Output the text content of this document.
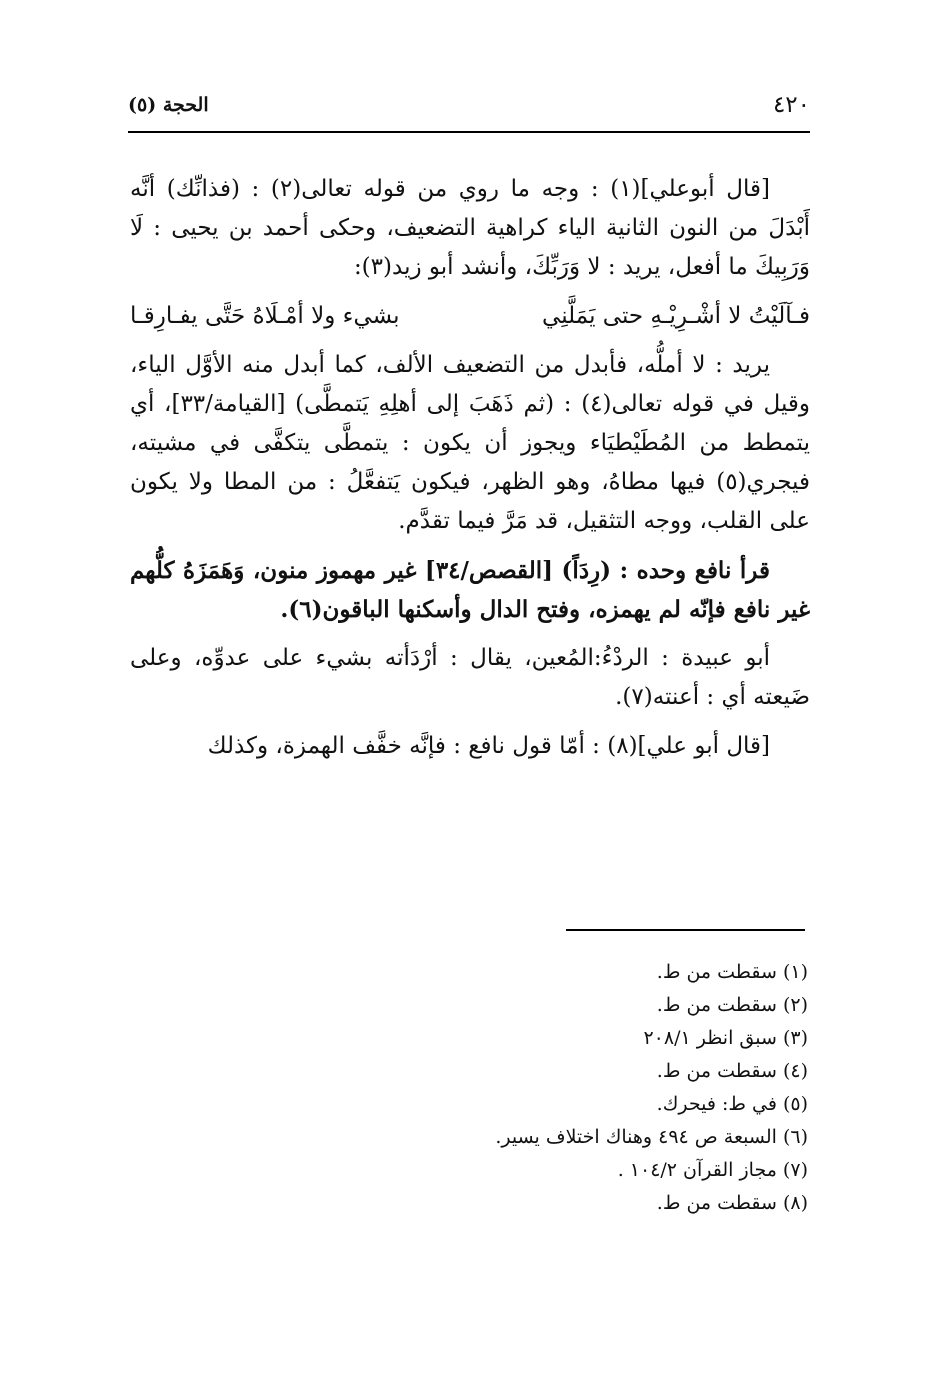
٤٢٠
الحجة (٥)

[قال أبوعلي](١) : وجه ما روي من قوله تعالى(٢) : (فذانِّك) أنَّه أَبْدَلَ من النون الثانية الياء كراهية التضعيف، وحكى أحمد بن يحيى : لَا وَرَبِيكَ ما أفعل، يريد : لا وَرَبِّكَ، وأنشد أبو زيد(٣):

فـآلَيْتُ لا أشْـرِيْـهِ حتى يَمَلَّنِي
بشيء ولا أمْـلَاهُ حَتَّى يفـارِقـا

يريد : لا أملُّه، فأبدل من التضعيف الألف، كما أبدل منه الأوَّل الياء، وقيل في قوله تعالى(٤) : (ثم ذَهَبَ إلى أهلِهِ يَتمطَّى) [القيامة/٣٣]، أي يتمطط من المُطَيْطيَاء ويجوز أن يكون : يتمطَّى يتكفَّى في مشيته، فيجري(٥) فيها مطاهُ، وهو الظهر، فيكون يَتفعَّلُ : من المطا ولا يكون على القلب، ووجه التثقيل، قد مَرَّ فيما تقدَّم.

قرأ نافع وحده : (رِدَاً) [القصص/٣٤] غير مهموز منون، وَهَمَزَهُ كلُّهم غير نافع فإنّه لم يهمزه، وفتح الدال وأسكنها الباقون(٦).

أبو عبيدة : الردْءُ:المُعين، يقال : أرْدَأته بشيء على عدوِّه، وعلى ضَيعته أي : أعنته(٧).

[قال أبو علي](٨) : أمّا قول نافع : فإنَّه خفَّف الهمزة، وكذلك

(١) سقطت من ط.

(٢) سقطت من ط.

(٣) سبق انظر ٢٠٨/١

(٤) سقطت من ط.

(٥) في ط: فيحرك.

(٦) السبعة ص ٤٩٤ وهناك اختلاف يسير.

(٧) مجاز القرآن ١٠٤/٢ .

(٨) سقطت من ط.
